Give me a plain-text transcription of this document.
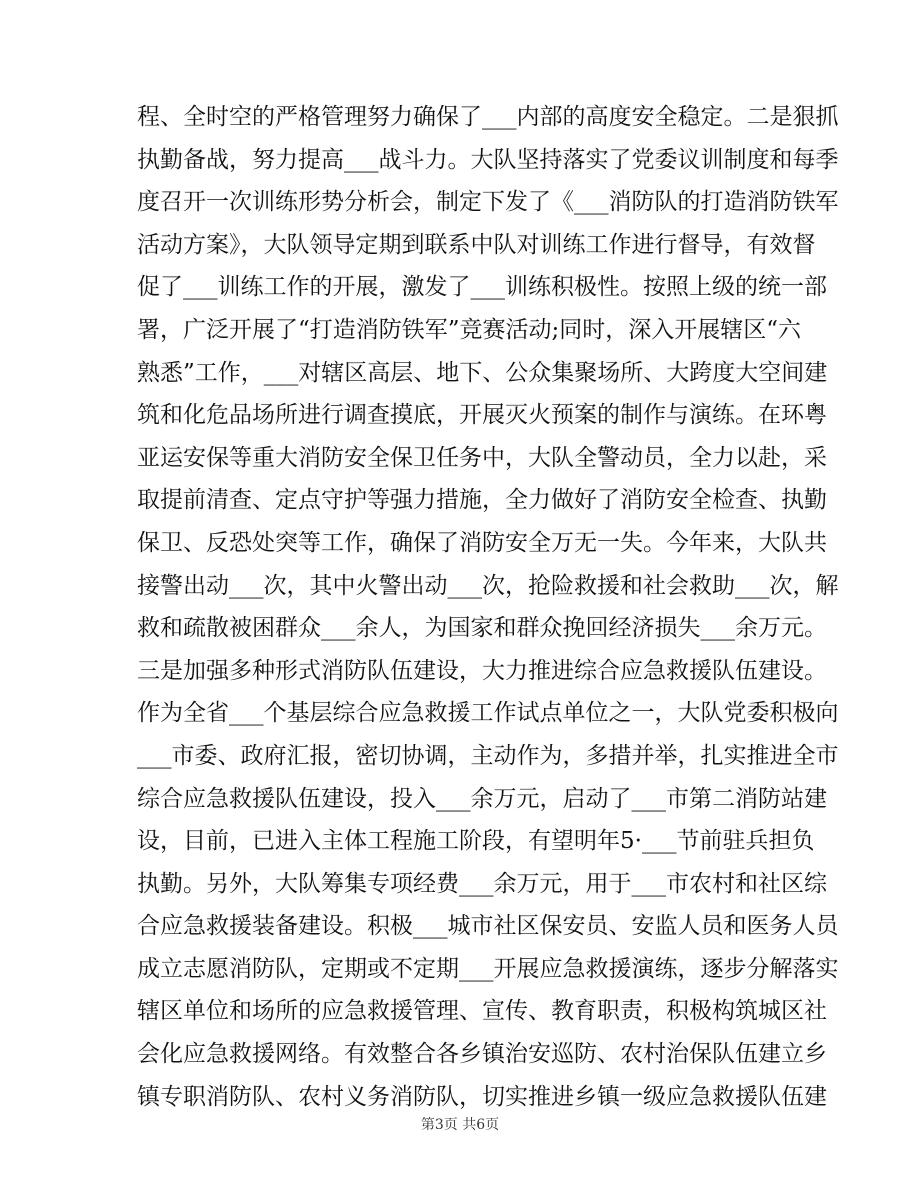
程、全时空的严格管理努力确保了___内部的高度安全稳定。二是狠抓
执勤备战，努力提高___战斗力。大队坚持落实了党委议训制度和每季
度召开一次训练形势分析会，制定下发了《___消防队的打造消防铁军
活动方案》，大队领导定期到联系中队对训练工作进行督导，有效督
促了___训练工作的开展，激发了___训练积极性。按照上级的统一部
署，广泛开展了“打造消防铁军”竞赛活动;同时，深入开展辖区“六
熟悉”工作，___对辖区高层、地下、公众集聚场所、大跨度大空间建
筑和化危品场所进行调查摸底，开展灭火预案的制作与演练。在环粤
亚运安保等重大消防安全保卫任务中，大队全警动员，全力以赴，采
取提前清查、定点守护等强力措施，全力做好了消防安全检查、执勤
保卫、反恐处突等工作，确保了消防安全万无一失。今年来，大队共
接警出动___次，其中火警出动___次，抢险救援和社会救助___次，解
救和疏散被困群众___余人，为国家和群众挽回经济损失___余万元。
三是加强多种形式消防队伍建设，大力推进综合应急救援队伍建设。
作为全省___个基层综合应急救援工作试点单位之一，大队党委积极向
___市委、政府汇报，密切协调，主动作为，多措并举，扎实推进全市
综合应急救援队伍建设，投入___余万元，启动了___市第二消防站建
设，目前，已进入主体工程施工阶段，有望明年5·___节前驻兵担负
执勤。另外，大队筹集专项经费___余万元，用于___市农村和社区综
合应急救援装备建设。积极___城市社区保安员、安监人员和医务人员
成立志愿消防队，定期或不定期___开展应急救援演练，逐步分解落实
辖区单位和场所的应急救援管理、宣传、教育职责，积极构筑城区社
会化应急救援网络。有效整合各乡镇治安巡防、农村治保队伍建立乡
镇专职消防队、农村义务消防队，切实推进乡镇一级应急救援队伍建
第3页 共6页
